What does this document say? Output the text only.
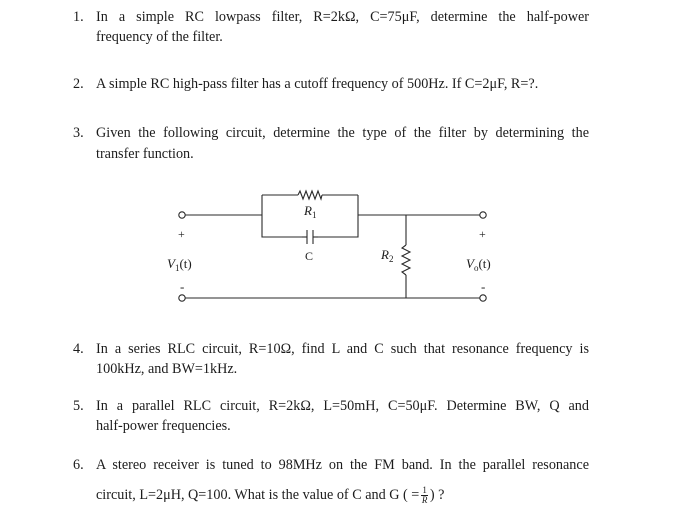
1. In a simple RC lowpass filter, R=2kΩ, C=75μF, determine the half-power
frequency of the filter.
2. A simple RC high-pass filter has a cutoff frequency of 500Hz. If C=2μF, R=?.
3. Given the following circuit, determine the type of the filter by determining the
transfer function.
$R_1$
C	$R_2$
+	+
-	-
$V_1(t)$	$V_o(t)$
4. In a series RLC circuit, R=10Ω, find L and C such that resonance frequency is
100kHz, and BW=1kHz.
5. In a parallel RLC circuit, R=2kΩ, L=50mH, C=50μF. Determine BW, Q and
half-power frequencies.
6. A stereo receiver is tuned to 98MHz on the FM band. In the parallel resonance
circuit, L=2μH, Q=100. What is the value of C and G ( = $\frac{1}{R}$ ) ?
